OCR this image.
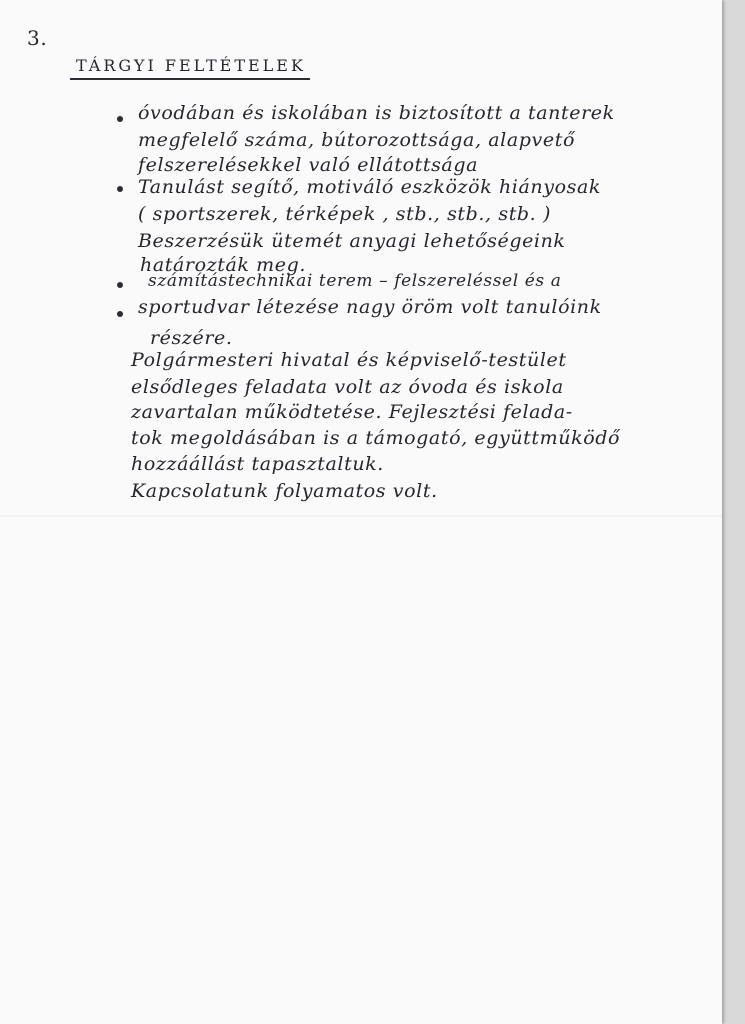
3.
TÁRGYI FELTÉTELEK
óvodában és iskolában is biztosított a tanterek
megfelelő száma, bútorozottsága, alapvető
felszerelésekkel való ellátottsága
Tanulást segítő, motiváló eszközök hiányosak
( sportszerek, térképek , stb., stb., stb. )
Beszerzésük ütemét anyagi lehetőségeink
határozták meg.
számítástechnikai terem – felszereléssel és a
sportudvar létezése nagy öröm volt tanulóink
részére.
Polgármesteri hivatal és képviselő-testület
elsődleges feladata volt az óvoda és iskola
zavartalan működtetése. Fejlesztési felada-
tok megoldásában is a támogató, együttműködő
hozzáállást tapasztaltuk.
Kapcsolatunk folyamatos volt.
